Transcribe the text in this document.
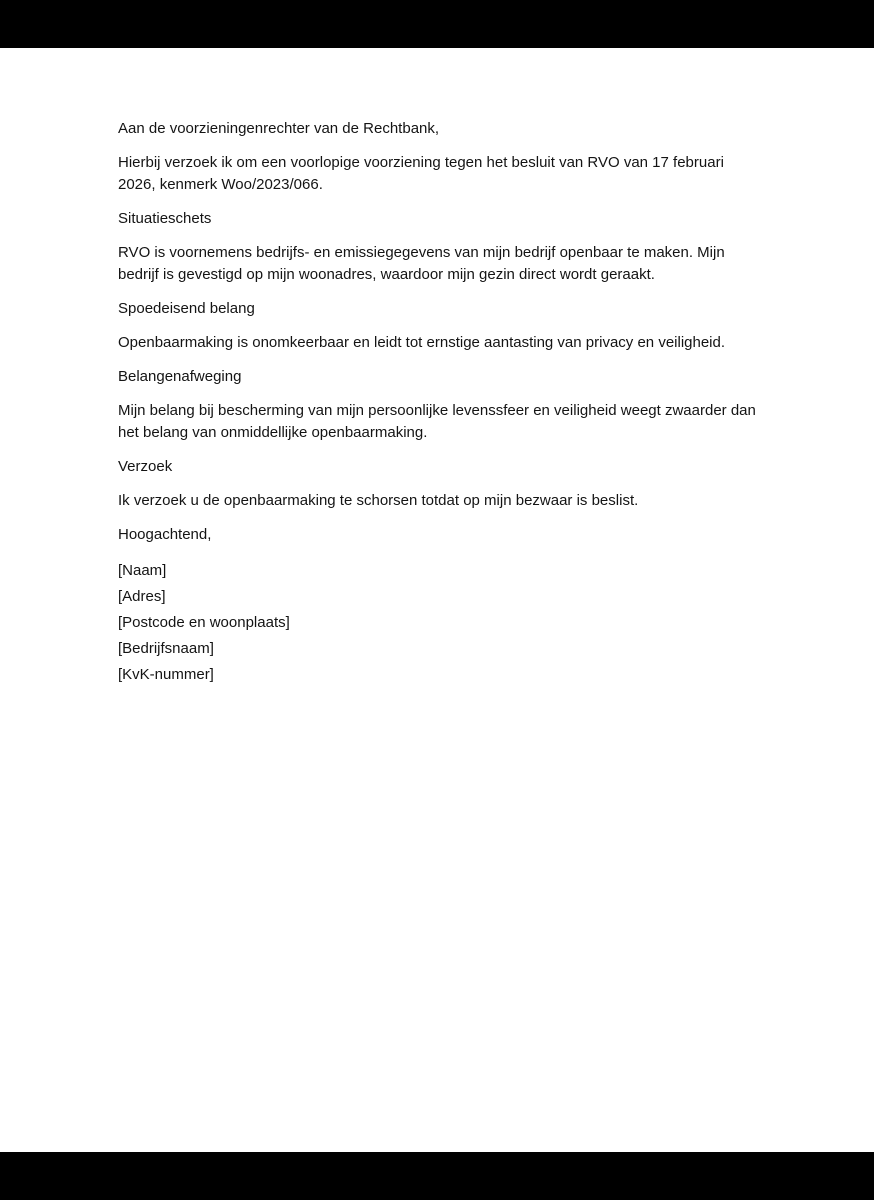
Aan de voorzieningenrechter van de Rechtbank,

Hierbij verzoek ik om een voorlopige voorziening tegen het besluit van RVO van 17 februari 2026, kenmerk Woo/2023/066.

Situatieschets

RVO is voornemens bedrijfs- en emissiegegevens van mijn bedrijf openbaar te maken. Mijn bedrijf is gevestigd op mijn woonadres, waardoor mijn gezin direct wordt geraakt.

Spoedeisend belang

Openbaarmaking is onomkeerbaar en leidt tot ernstige aantasting van privacy en veiligheid.

Belangenafweging

Mijn belang bij bescherming van mijn persoonlijke levenssfeer en veiligheid weegt zwaarder dan het belang van onmiddellijke openbaarmaking.

Verzoek

Ik verzoek u de openbaarmaking te schorsen totdat op mijn bezwaar is beslist.

Hoogachtend,

[Naam]
[Adres]
[Postcode en woonplaats]
[Bedrijfsnaam]
[KvK-nummer]
